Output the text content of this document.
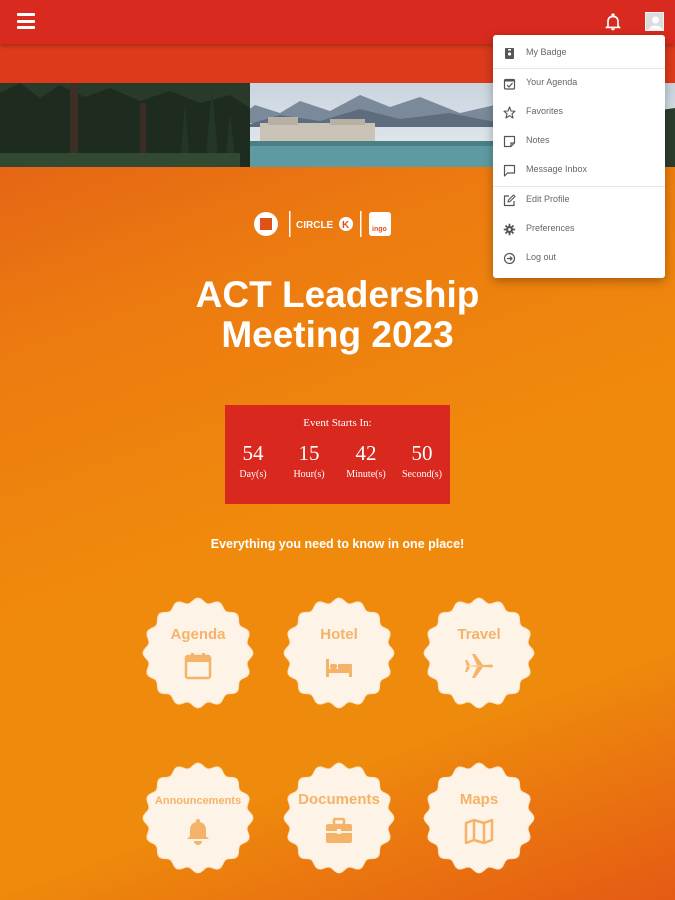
CIRCLE K	ingo
ACT Leadership
Meeting 2023
Event Starts In:
54
Day(s)
15
Hour(s)
42
Minute(s)
50
Second(s)
Everything you need to know in one place!
Agenda	Hotel	Travel
Announcements	Documents	Maps
My Badge
Your Agenda
Favorites
Notes
Message Inbox
Edit Profile
Preferences
Log out
